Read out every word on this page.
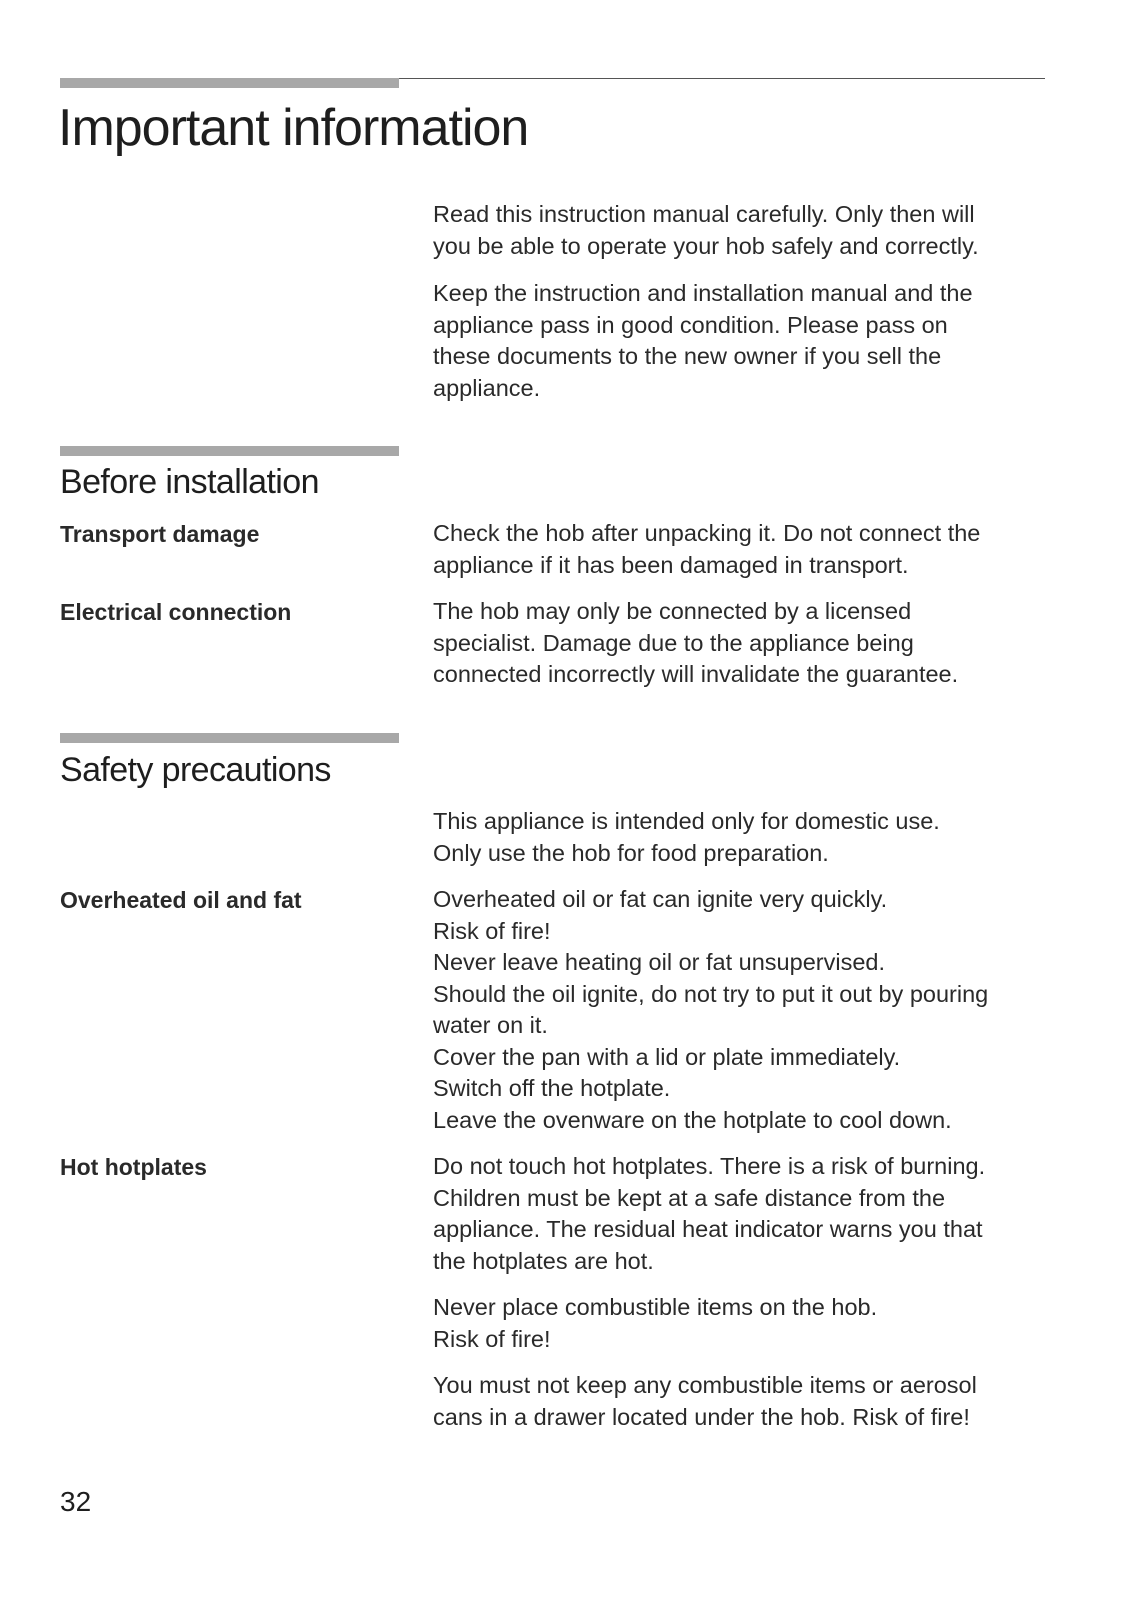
Important information

Read this instruction manual carefully. Only then will
you be able to operate your hob safely and correctly.

Keep the instruction and installation manual and the
appliance pass in good condition. Please pass on
these documents to the new owner if you sell the
appliance.

Before installation
Transport damage	Check the hob after unpacking it. Do not connect the
appliance if it has been damaged in transport.

Electrical connection	The hob may only be connected by a licensed
specialist. Damage due to the appliance being
connected incorrectly will invalidate the guarantee.

Safety precautions

This appliance is intended only for domestic use.
Only use the hob for food preparation.

Overheated oil and fat	Overheated oil or fat can ignite very quickly.
Risk of fire!
Never leave heating oil or fat unsupervised.
Should the oil ignite, do not try to put it out by pouring
water on it.
Cover the pan with a lid or plate immediately.
Switch off the hotplate.
Leave the ovenware on the hotplate to cool down.

Hot hotplates	Do not touch hot hotplates. There is a risk of burning.
Children must be kept at a safe distance from the
appliance. The residual heat indicator warns you that
the hotplates are hot.

Never place combustible items on the hob.
Risk of fire!

You must not keep any combustible items or aerosol
cans in a drawer located under the hob. Risk of fire!

32
